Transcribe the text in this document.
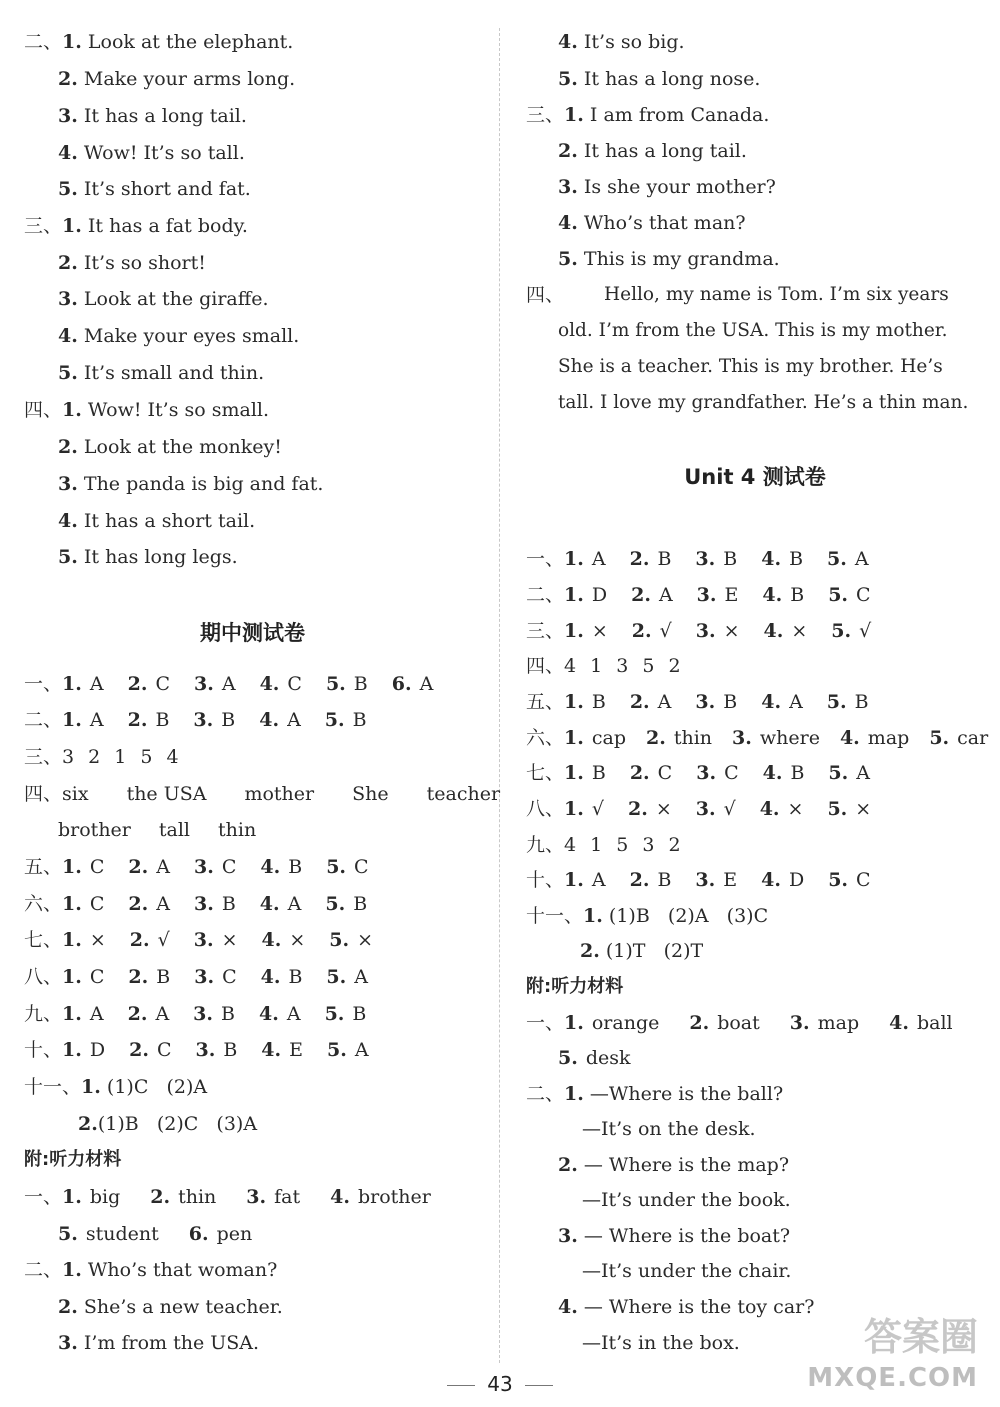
二、1. Look at the elephant.
2. Make your arms long.
3. It has a long tail.
4. Wow! It’s so tall.
5. It’s short and fat.
三、1. It has a fat body.
2. It’s so short!
3. Look at the giraffe.
4. Make your eyes small.
5. It’s small and thin.
四、1. Wow! It’s so small.
2. Look at the monkey!
3. The panda is big and fat.
4. It has a short tail.
5. It has long legs.
期中测试卷
一、1. A 2. C 3. A 4. C 5. B 6. A
二、1. A 2. B 3. B 4. A 5. B
三、3 2 1 5 4
四、six the USA mother She teacher
brother tall thin
五、1. C 2. A 3. C 4. B 5. C
六、1. C 2. A 3. B 4. A 5. B
七、1. × 2. √ 3. × 4. × 5. ×
八、1. C 2. B 3. C 4. B 5. A
九、1. A 2. A 3. B 4. A 5. B
十、1. D 2. C 3. B 4. E 5. A
十一、1. (1)C   (2)A
2.(1)B   (2)C   (3)A
附:听力材料
一、1. big 2. thin 3. fat 4. brother
5. student 6. pen
二、1. Who’s that woman?
2. She’s a new teacher.
3. I’m from the USA.
4. It’s so big.
5. It has a long nose.
三、1. I am from Canada.
2. It has a long tail.
3. Is she your mother?
4. Who’s that man?
5. This is my grandma.
四、 Hello, my name is Tom. I’m six years
old. I’m from the USA. This is my mother.
She is a teacher. This is my brother. He’s
tall. I love my grandfather. He’s a thin man.
Unit 4 测试卷
一、1. A 2. B 3. B 4. B 5. A
二、1. D 2. A 3. E 4. B 5. C
三、1. × 2. √ 3. × 4. × 5. √
四、4 1 3 5 2
五、1. B 2. A 3. B 4. A 5. B
六、1. cap 2. thin 3. where 4. map 5. car
七、1. B 2. C 3. C 4. B 5. A
八、1. √ 2. × 3. √ 4. × 5. ×
九、4 1 5 3 2
十、1. A 2. B 3. E 4. D 5. C
十一、1. (1)B   (2)A   (3)C
2. (1)T   (2)T
附:听力材料
一、1. orange 2. boat 3. map 4. ball
5. desk
二、1. —Where is the ball?
—It’s on the desk.
2. — Where is the map?
—It’s under the book.
3. — Where is the boat?
—It’s under the chair.
4. — Where is the toy car?
—It’s in the box.
43
答案圈
MXQE.COM
